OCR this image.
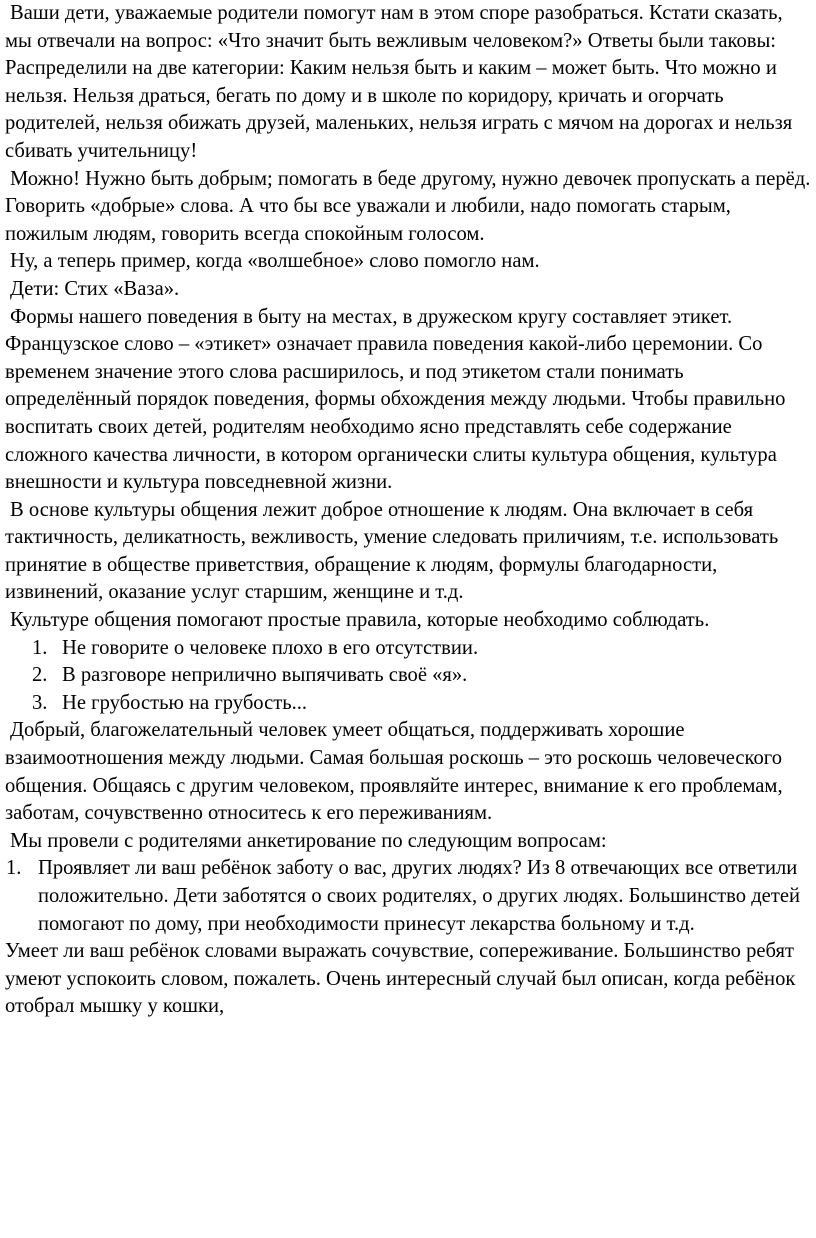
Ваши дети, уважаемые родители помогут нам в этом споре разобраться. Кстати сказать, мы отвечали на вопрос: «Что значит быть вежливым человеком?» Ответы были таковы: Распределили на две категории: Каким нельзя быть и каким – может быть. Что можно и нельзя. Нельзя драться, бегать по дому и в школе по коридору, кричать и огорчать родителей, нельзя обижать друзей, маленьких, нельзя играть с мячом на дорогах и нельзя сбивать учительницу!

Можно! Нужно быть добрым; помогать в беде другому, нужно девочек пропускать а перёд. Говорить «добрые» слова. А что бы все уважали и любили, надо помогать старым, пожилым людям, говорить всегда спокойным голосом.

Ну, а теперь пример, когда «волшебное» слово помогло нам.

Дети: Стих «Ваза».

Формы нашего поведения в быту на местах, в дружеском кругу составляет этикет. Французское слово – «этикет» означает правила поведения какой-либо церемонии. Со временем значение этого слова расширилось, и под этикетом стали понимать определённый порядок поведения, формы обхождения между людьми. Чтобы правильно воспитать своих детей, родителям необходимо ясно представлять себе содержание сложного качества личности, в котором органически слиты культура общения, культура внешности и культура повседневной жизни.

В основе культуры общения лежит доброе отношение к людям. Она включает в себя тактичность, деликатность, вежливость, умение следовать приличиям, т.е. использовать принятие в обществе приветствия, обращение к людям, формулы благодарности, извинений, оказание услуг старшим, женщине и т.д.

Культуре общения помогают простые правила, которые необходимо соблюдать.

1. Не говорите о человеке плохо в его отсутствии.
2. В разговоре неприлично выпячивать своё «я».
3. Не грубостью на грубость...

Добрый, благожелательный человек умеет общаться, поддерживать хорошие взаимоотношения между людьми. Самая большая роскошь – это роскошь человеческого общения. Общаясь с другим человеком, проявляйте интерес, внимание к его проблемам, заботам, сочувственно относитесь к его переживаниям.

Мы провели с родителями анкетирование по следующим вопросам:

1. Проявляет ли ваш ребёнок заботу о вас, других людях? Из 8 отвечающих все ответили положительно. Дети заботятся о своих родителях, о других людях. Большинство детей помогают по дому, при необходимости принесут лекарства больному и т.д.

Умеет ли ваш ребёнок словами выражать сочувствие, сопереживание. Большинство ребят умеют успокоить словом, пожалеть. Очень интересный случай был описан, когда ребёнок отобрал мышку у кошки,
